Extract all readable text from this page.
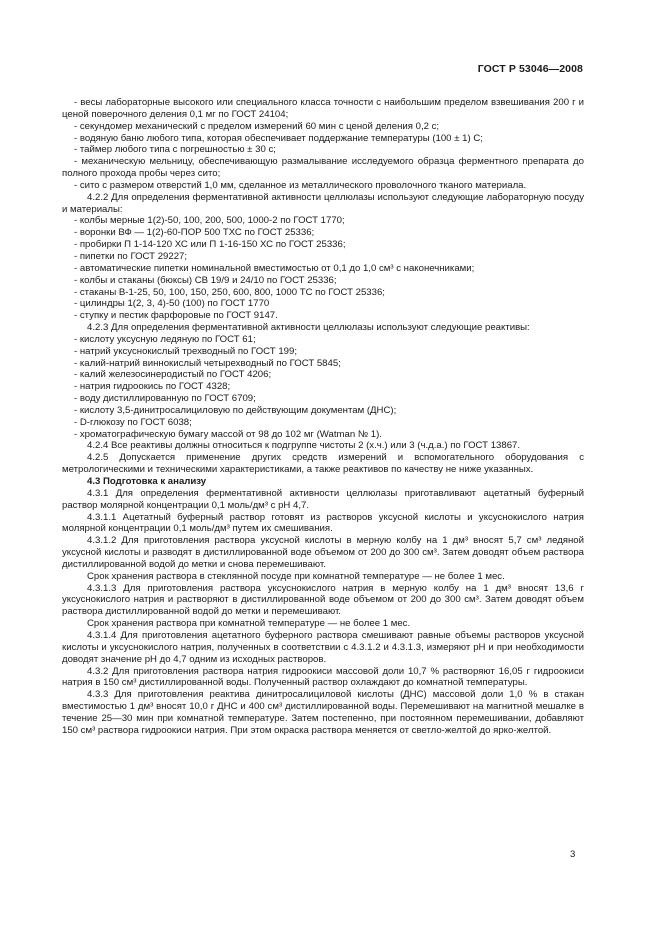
ГОСТ Р 53046—2008

- весы лабораторные высокого или специального класса точности с наибольшим пределом взвешивания 200 г и ценой поверочного деления 0,1 мг по ГОСТ 24104;

- секундомер механический с пределом измерений 60 мин с ценой деления 0,2 с;

- водяную баню любого типа, которая обеспечивает поддержание температуры (100 ± 1) С;

- таймер любого типа с погрешностью ± 30 с;

- механическую мельницу, обеспечивающую размалывание исследуемого образца ферментного препарата до полного прохода пробы через сито;

- сито с размером отверстий 1,0 мм, сделанное из металлического проволочного тканого материала.

4.2.2 Для определения ферментативной активности целлюлазы используют следующие лабораторную посуду и материалы:

- колбы мерные 1(2)-50, 100, 200, 500, 1000-2 по ГОСТ 1770;

- воронки ВФ — 1(2)-60-ПОР 500 ТХС по ГОСТ 25336;

- пробирки П 1-14-120 ХС или П 1-16-150 ХС по ГОСТ 25336;

- пипетки по ГОСТ 29227;

- автоматические пипетки номинальной вместимостью от 0,1 до 1,0 см³ с наконечниками;

- колбы и стаканы (бюксы) СВ 19/9 и 24/10 по ГОСТ 25336;

- стаканы В-1-25, 50, 100, 150, 250, 600, 800, 1000 ТС по ГОСТ 25336;

- цилиндры 1(2, 3, 4)-50 (100) по ГОСТ 1770

- ступку и пестик фарфоровые по ГОСТ 9147.

4.2.3 Для определения ферментативной активности целлюлазы используют следующие реактивы:

- кислоту уксусную ледяную по ГОСТ 61;

- натрий уксуснокислый трехводный по ГОСТ 199;

- калий-натрий виннокислый четырехводный по ГОСТ 5845;

- калий железосинеродистый по ГОСТ 4206;

- натрия гидроокись по ГОСТ 4328;

- воду дистиллированную по ГОСТ 6709;

- кислоту 3,5-динитросалициловую по действующим документам (ДНС);

- D-глюкозу по ГОСТ 6038;

- хроматографическую бумагу массой от 98 до 102 мг (Watman № 1).

4.2.4 Все реактивы должны относиться к подгруппе чистоты 2 (х.ч.) или 3 (ч.д.а.) по ГОСТ 13867.

4.2.5 Допускается применение других средств измерений и вспомогательного оборудования с метрологическими и техническими характеристиками, а также реактивов по качеству не ниже указанных.

4.3 Подготовка к анализу

4.3.1 Для определения ферментативной активности целлюлазы приготавливают ацетатный буферный раствор молярной концентрации 0,1 моль/дм³ с рН 4,7.

4.3.1.1 Ацетатный буферный раствор готовят из растворов уксусной кислоты и уксуснокислого натрия молярной концентрации 0,1 моль/дм³ путем их смешивания.

4.3.1.2 Для приготовления раствора уксусной кислоты в мерную колбу на 1 дм³ вносят 5,7 см³ ледяной уксусной кислоты и разводят в дистиллированной воде объемом от 200 до 300 см³. Затем доводят объем раствора дистиллированной водой до метки и снова перемешивают.

Срок хранения раствора в стеклянной посуде при комнатной температуре — не более 1 мес.

4.3.1.3 Для приготовления раствора уксуснокислого натрия в мерную колбу на 1 дм³ вносят 13,6 г уксуснокислого натрия и растворяют в дистиллированной воде объемом от 200 до 300 см³. Затем доводят объем раствора дистиллированной водой до метки и перемешивают.

Срок хранения раствора при комнатной температуре — не более 1 мес.

4.3.1.4 Для приготовления ацетатного буферного раствора смешивают равные объемы растворов уксусной кислоты и уксуснокислого натрия, полученных в соответствии с 4.3.1.2 и 4.3.1.3, измеряют рН и при необходимости доводят значение рН до 4,7 одним из исходных растворов.

4.3.2 Для приготовления раствора натрия гидроокиси массовой доли 10,7 % растворяют 16,05 г гидроокиси натрия в 150 см³ дистиллированной воды. Полученный раствор охлаждают до комнатной температуры.

4.3.3 Для приготовления реактива динитросалициловой кислоты (ДНС) массовой доли 1,0 % в стакан вместимостью 1 дм³ вносят 10,0 г ДНС и 400 см³ дистиллированной воды. Перемешивают на магнитной мешалке в течение 25—30 мин при комнатной температуре. Затем постепенно, при постоянном перемешивании, добавляют 150 см³ раствора гидроокиси натрия. При этом окраска раствора меняется от светло-желтой до ярко-желтой.

3
